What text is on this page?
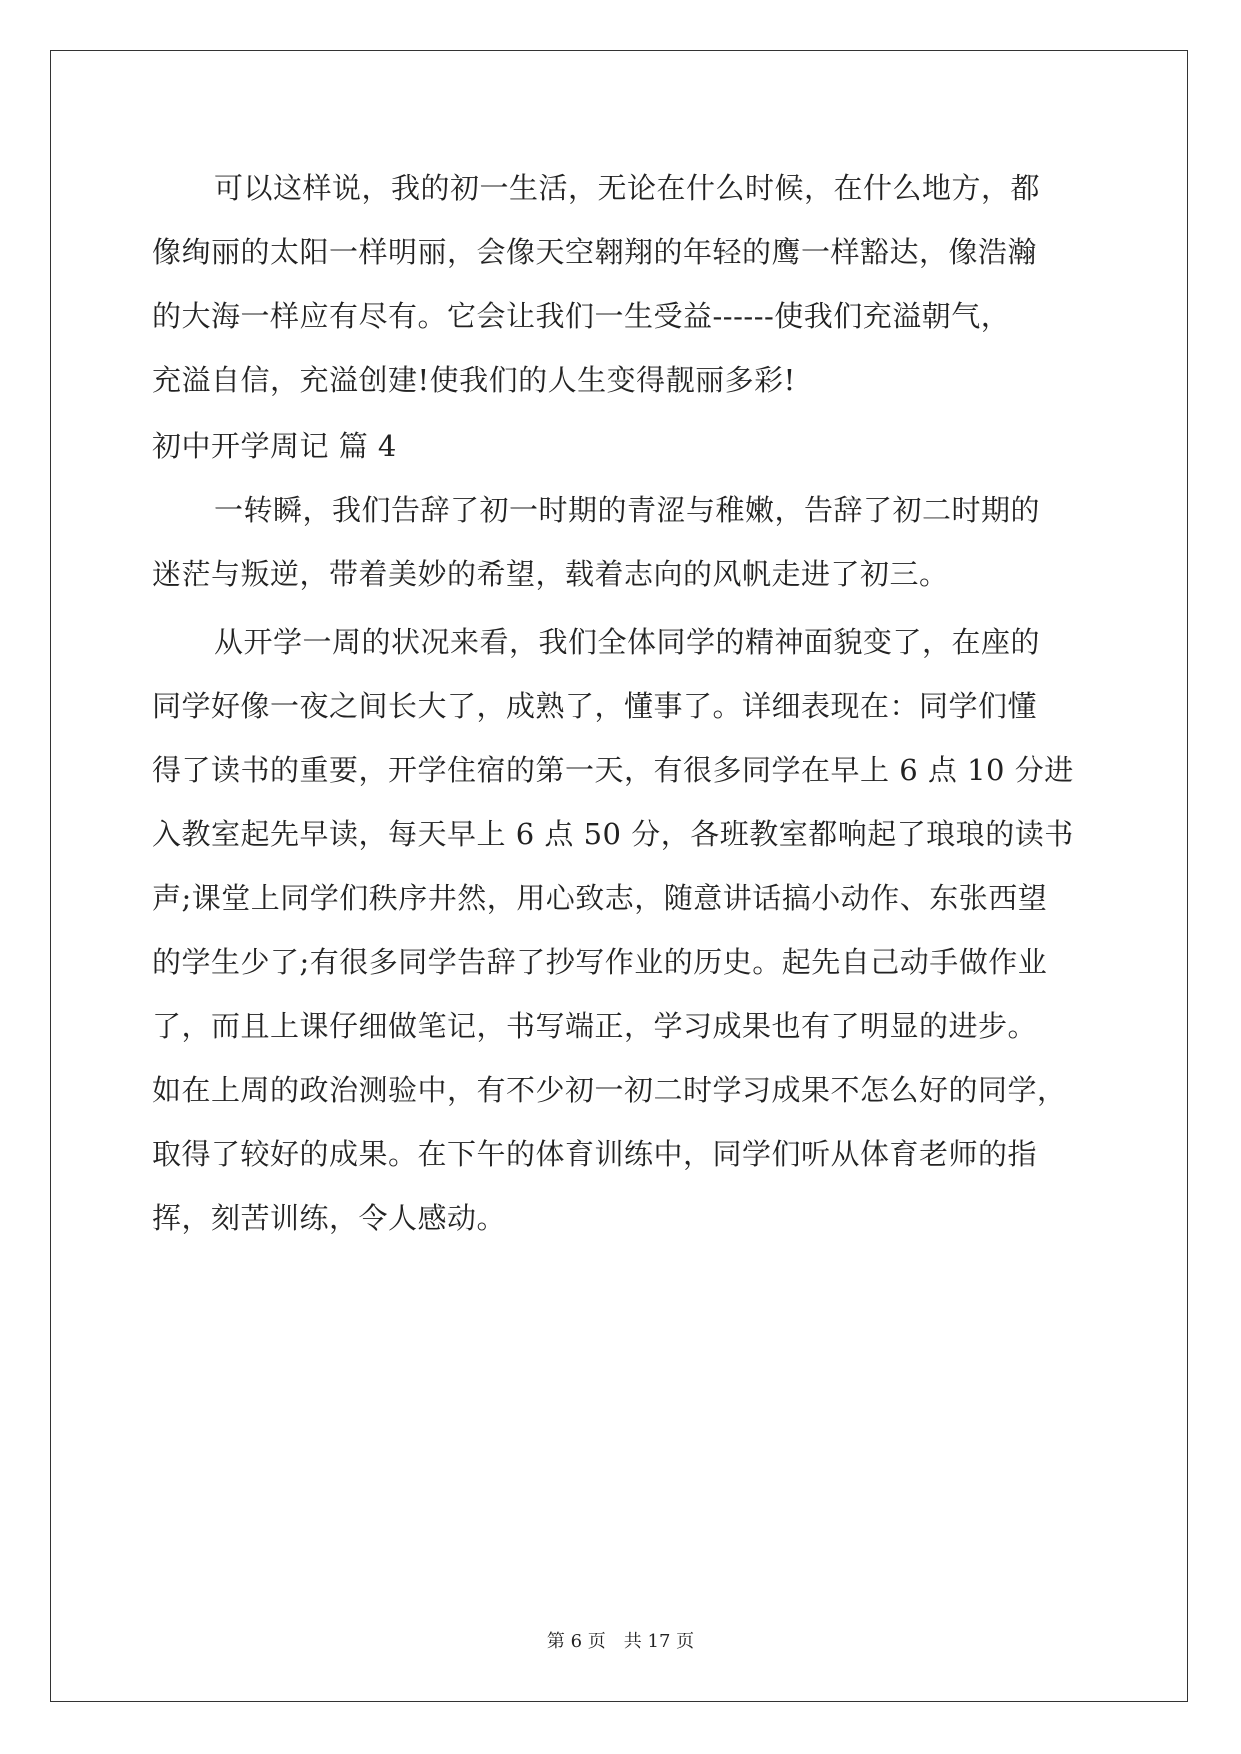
可以这样说，我的初一生活，无论在什么时候，在什么地方，都
像绚丽的太阳一样明丽，会像天空翱翔的年轻的鹰一样豁达，像浩瀚
的大海一样应有尽有。它会让我们一生受益------使我们充溢朝气，
充溢自信，充溢创建!使我们的人生变得靓丽多彩!
初中开学周记 篇 4
一转瞬，我们告辞了初一时期的青涩与稚嫩，告辞了初二时期的
迷茫与叛逆，带着美妙的希望，载着志向的风帆走进了初三。
从开学一周的状况来看，我们全体同学的精神面貌变了，在座的
同学好像一夜之间长大了，成熟了，懂事了。详细表现在：同学们懂
得了读书的重要，开学住宿的第一天，有很多同学在早上 6 点 10 分进
入教室起先早读，每天早上 6 点 50 分，各班教室都响起了琅琅的读书
声;课堂上同学们秩序井然，用心致志，随意讲话搞小动作、东张西望
的学生少了;有很多同学告辞了抄写作业的历史。起先自己动手做作业
了，而且上课仔细做笔记，书写端正，学习成果也有了明显的进步。
如在上周的政治测验中，有不少初一初二时学习成果不怎么好的同学，
取得了较好的成果。在下午的体育训练中，同学们听从体育老师的指
挥，刻苦训练，令人感动。
第 6 页 共 17 页
